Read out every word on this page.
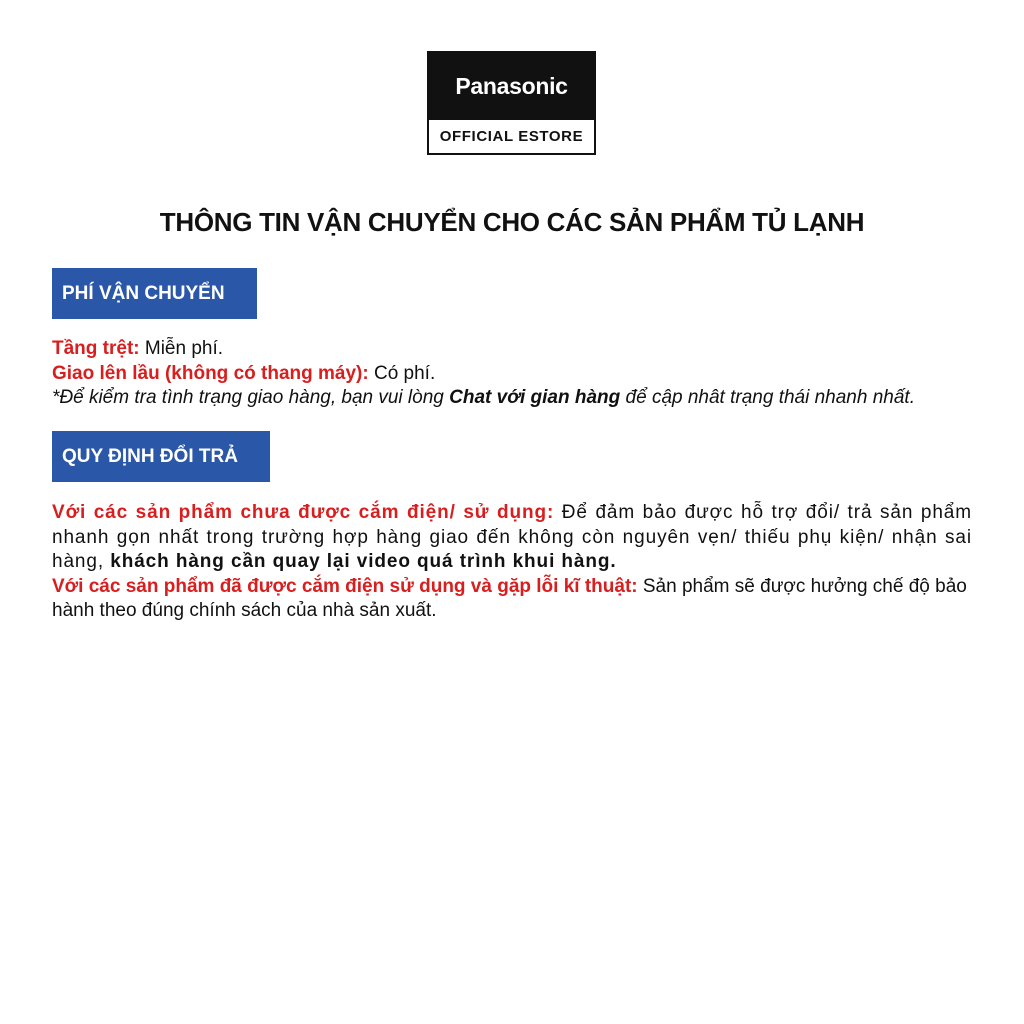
Panasonic
OFFICIAL ESTORE
THÔNG TIN VẬN CHUYỂN CHO CÁC SẢN PHẨM TỦ LẠNH
PHÍ VẬN CHUYỂN

Tầng trệt: Miễn phí.

Giao lên lầu (không có thang máy): Có phí.

*Để kiểm tra tình trạng giao hàng, bạn vui lòng Chat với gian hàng để cập nhât trạng thái nhanh nhất.

QUY ĐỊNH ĐỔI TRẢ

Với các sản phẩm chưa được cắm điện/ sử dụng: Để đảm bảo được hỗ trợ đổi/ trả sản phẩm nhanh gọn nhất trong trường hợp hàng giao đến không còn nguyên vẹn/ thiếu phụ kiện/ nhận sai hàng, khách hàng cần quay lại video quá trình khui hàng.

Với các sản phẩm đã được cắm điện sử dụng và gặp lỗi kĩ thuật: Sản phẩm sẽ được hưởng chế độ bảo hành theo đúng chính sách của nhà sản xuất.
